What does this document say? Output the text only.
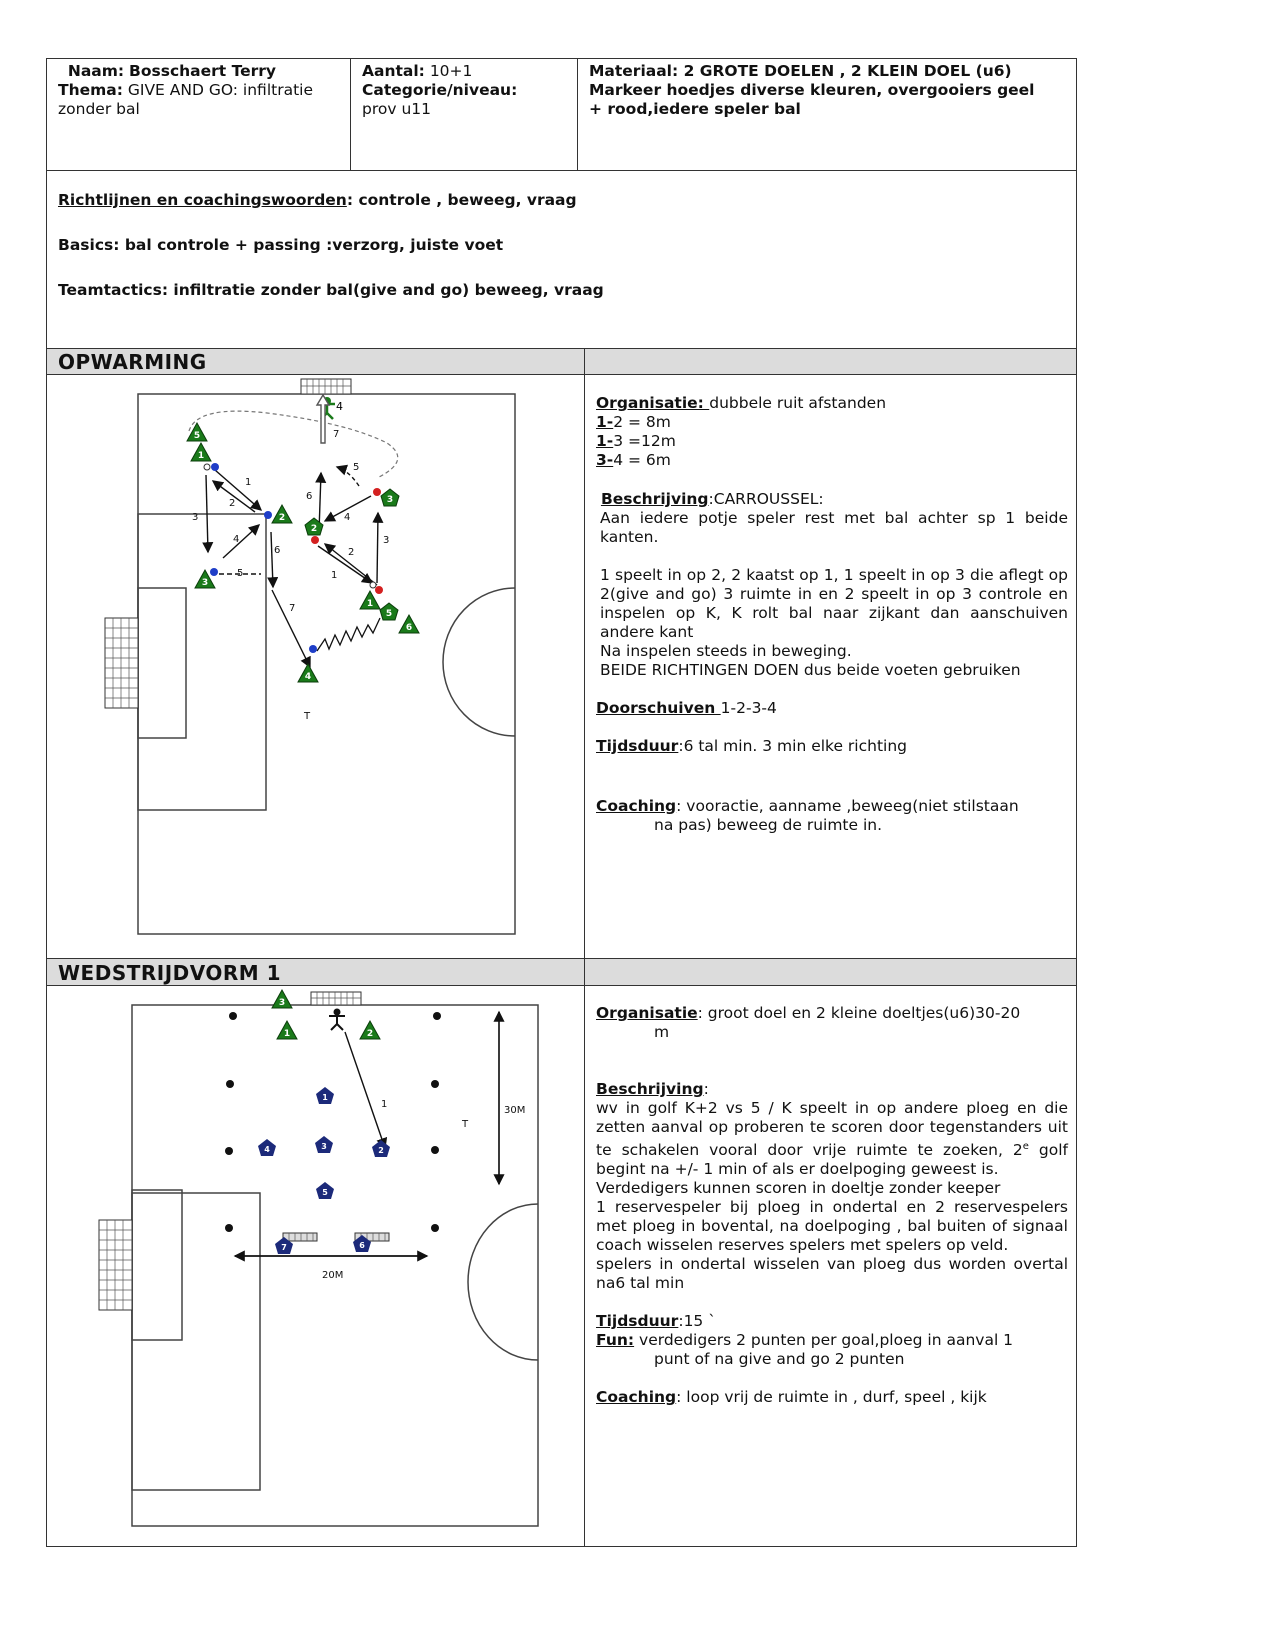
Naam: Bosschaert Terry

Thema: GIVE AND GO: infiltratie zonder bal

Aantal: 10+1

Categorie/niveau:

prov u11

Materiaal: 2 GROTE DOELEN , 2 KLEIN DOEL (u6)

Markeer hoedjes diverse kleuren, overgooiers geel

+ rood,iedere speler bal

Richtlijnen en coachingswoorden: controle , beweeg, vraag

Basics: bal controle + passing :verzorg, juiste voet

Teamtactics: infiltratie zonder bal(give and go) beweeg, vraag

OPWARMING
4
1
2
3
4
5
6
7
7
6
4
5
2
3
1
T
5
1
2
3
4
2
3
1
5
6

Organisatie: dubbele ruit afstanden

1-2 = 8m

1-3 =12m

3-4 = 6m

Beschrijving:CARROUSSEL:

Aan iedere potje speler rest met bal achter sp 1 beide kanten.

1 speelt in op 2, 2 kaatst op 1, 1 speelt in op 3 die aflegt op 2(give and go) 3 ruimte in en 2 speelt in op 3 controle en inspelen op K, K rolt bal naar zijkant dan aanschuiven andere kant

Na inspelen steeds in beweging.

BEIDE RICHTINGEN DOEN dus beide voeten gebruiken

Doorschuiven 1-2-3-4

Tijdsduur:6 tal min. 3 min elke richting

Coaching: vooractie, aanname ,beweeg(niet stilstaan

na pas) beweeg de ruimte in.

WEDSTRIJDVORM 1
1
30M
20M
T
3
1	2
1
2
3
4
5
6
7

Organisatie: groot doel en 2 kleine doeltjes(u6)30-20

m

Beschrijving:

wv in golf K+2 vs 5 / K speelt in op andere ploeg en die zetten aanval op proberen te scoren door tegenstanders uit te schakelen vooral door vrije ruimte te zoeken, 2e golf begint na +/- 1 min of als er doelpoging geweest is.

Verdedigers kunnen scoren in doeltje zonder keeper

1 reservespeler bij ploeg in ondertal en 2 reservespelers met ploeg in bovental, na doelpoging , bal buiten of signaal coach wisselen reserves spelers met spelers op veld.

spelers in ondertal wisselen van ploeg dus worden overtal na6 tal min

Tijdsduur:15 `

Fun: verdedigers 2 punten per goal,ploeg in aanval 1

punt of na give and go 2 punten

Coaching: loop vrij de ruimte in , durf, speel , kijk
